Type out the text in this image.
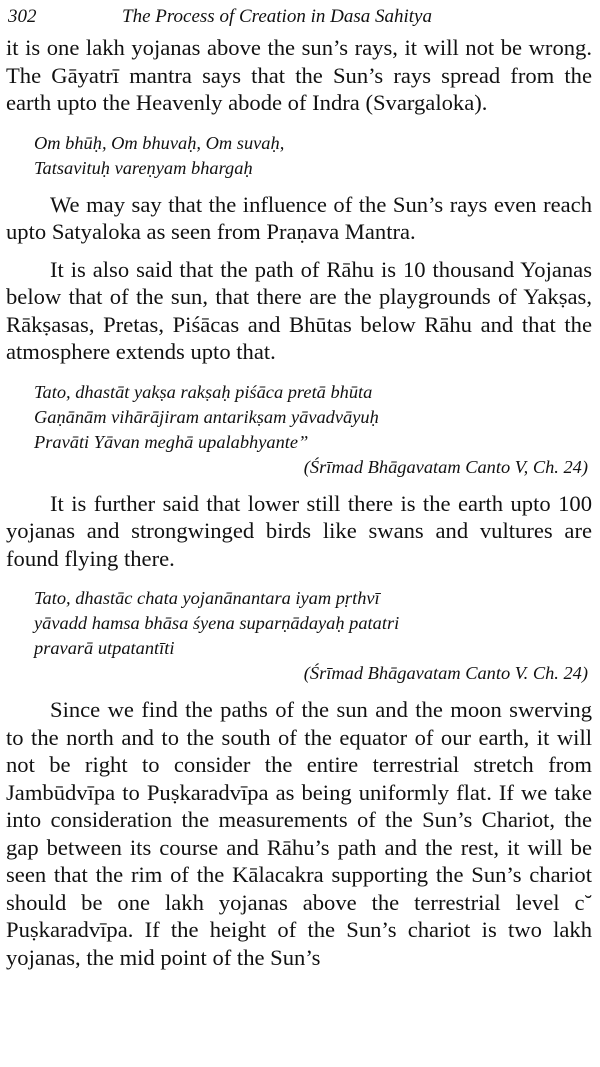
302	The Process of Creation in Dasa Sahitya

it is one lakh yojanas above the sun’s rays, it will not be wrong. The Gāyatrī mantra says that the Sun’s rays spread from the earth upto the Heavenly abode of Indra (Svargaloka).

Om bhūḥ, Om bhuvaḥ, Om suvaḥ,
Tatsavituḥ vareṇyam bhargaḥ

We may say that the influence of the Sun’s rays even reach upto Satyaloka as seen from Praṇava Mantra.

It is also said that the path of Rāhu is 10 thousand Yojanas below that of the sun, that there are the playgrounds of Yakṣas, Rākṣasas, Pretas, Piśācas and Bhūtas below Rāhu and that the atmosphere extends upto that.

Tato, dhastāt yakṣa rakṣaḥ piśāca pretā bhūta
Gaṇānām vihārājiram antarikṣam yāvadvāyuḥ
Pravāti Yāvan meghā upalabhyante”
(Śrīmad Bhāgavatam Canto V, Ch. 24)

It is further said that lower still there is the earth upto 100 yojanas and strongwinged birds like swans and vultures are found flying there.

Tato, dhastāc chata yojanānantara iyam pṛthvī
yāvadd hamsa bhāsa śyena suparṇādayaḥ patatri
pravarā utpatantīti
(Śrīmad Bhāgavatam Canto V. Ch. 24)

Since we find the paths of the sun and the moon swerving to the north and to the south of the equator of our earth, it will not be right to consider the entire terrestrial stretch from Jambūdvīpa to Puṣkaradvīpa as being uniformly flat. If we take into consideration the measurements of the Sun’s Chariot, the gap between its course and Rāhu’s path and the rest, it will be seen that the rim of the Kālacakra supporting the Sun’s chariot should be one lakh yojanas above the terrestrial level c˘ Puṣkaradvīpa. If the height of the Sun’s chariot is two lakh yojanas, the mid point of the Sun’s
